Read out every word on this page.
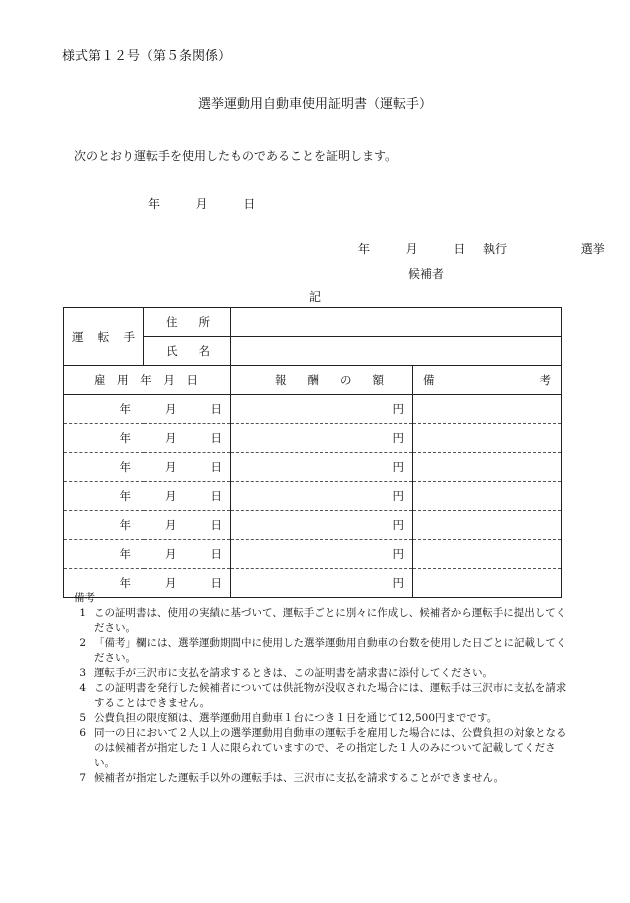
様式第１２号（第５条関係）
選挙運動用自動車使用証明書（運転手）
次のとおり運転手を使用したものであることを証明します。
年	月	日
年	月	日 執行	選挙
候補者
記
運 転 手	住 所		

	氏 名		

雇 用 年 月 日		報 酬 の 額	備 考

年 月 日		円	

年 月 日		円	

年 月 日		円	

年 月 日		円	

年 月 日		円	

年 月 日		円	

年 月 日		円	

備考
1 この証明書は、使用の実績に基づいて、運転手ごとに別々に作成し、候補者から運転手に提出してください。
2 「備考」欄には、選挙運動期間中に使用した選挙運動用自動車の台数を使用した日ごとに記載してください。
3 運転手が三沢市に支払を請求するときは、この証明書を請求書に添付してください。
4 この証明書を発行した候補者については供託物が没収された場合には、運転手は三沢市に支払を請求することはできません。
5 公費負担の限度額は、選挙運動用自動車１台につき１日を通じて12,500円までです。
6 同一の日において２人以上の選挙運動用自動車の運転手を雇用した場合には、公費負担の対象となるのは候補者が指定した１人に限られていますので、その指定した１人のみについて記載してください。
7 候補者が指定した運転手以外の運転手は、三沢市に支払を請求することができません。
